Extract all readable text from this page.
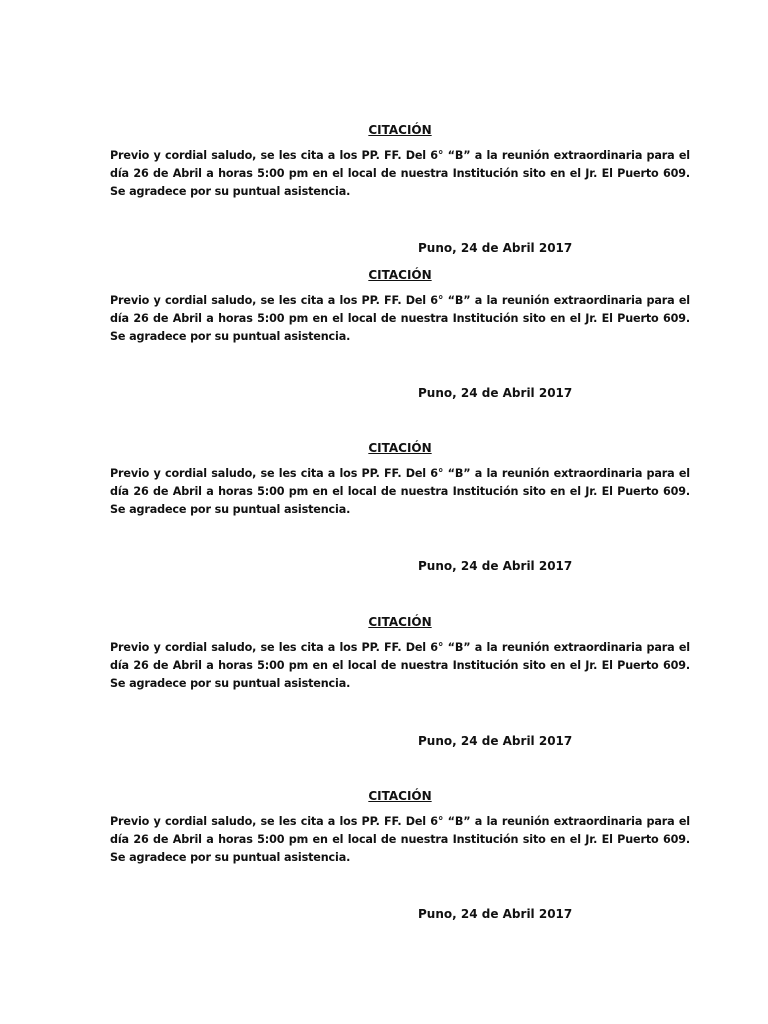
CITACIÓN
Previo y cordial saludo, se les cita a los PP. FF. Del 6° “B” a la reunión extraordinaria para el
día 26 de Abril a horas 5:00 pm en el local de nuestra Institución sito en el Jr. El Puerto 609.
Se agradece por su puntual asistencia.
Puno, 24 de Abril 2017
CITACIÓN
Previo y cordial saludo, se les cita a los PP. FF. Del 6° “B” a la reunión extraordinaria para el
día 26 de Abril a horas 5:00 pm en el local de nuestra Institución sito en el Jr. El Puerto 609.
Se agradece por su puntual asistencia.
Puno, 24 de Abril 2017
CITACIÓN
Previo y cordial saludo, se les cita a los PP. FF. Del 6° “B” a la reunión extraordinaria para el
día 26 de Abril a horas 5:00 pm en el local de nuestra Institución sito en el Jr. El Puerto 609.
Se agradece por su puntual asistencia.
Puno, 24 de Abril 2017
CITACIÓN
Previo y cordial saludo, se les cita a los PP. FF. Del 6° “B” a la reunión extraordinaria para el
día 26 de Abril a horas 5:00 pm en el local de nuestra Institución sito en el Jr. El Puerto 609.
Se agradece por su puntual asistencia.
Puno, 24 de Abril 2017
CITACIÓN
Previo y cordial saludo, se les cita a los PP. FF. Del 6° “B” a la reunión extraordinaria para el
día 26 de Abril a horas 5:00 pm en el local de nuestra Institución sito en el Jr. El Puerto 609.
Se agradece por su puntual asistencia.
Puno, 24 de Abril 2017
